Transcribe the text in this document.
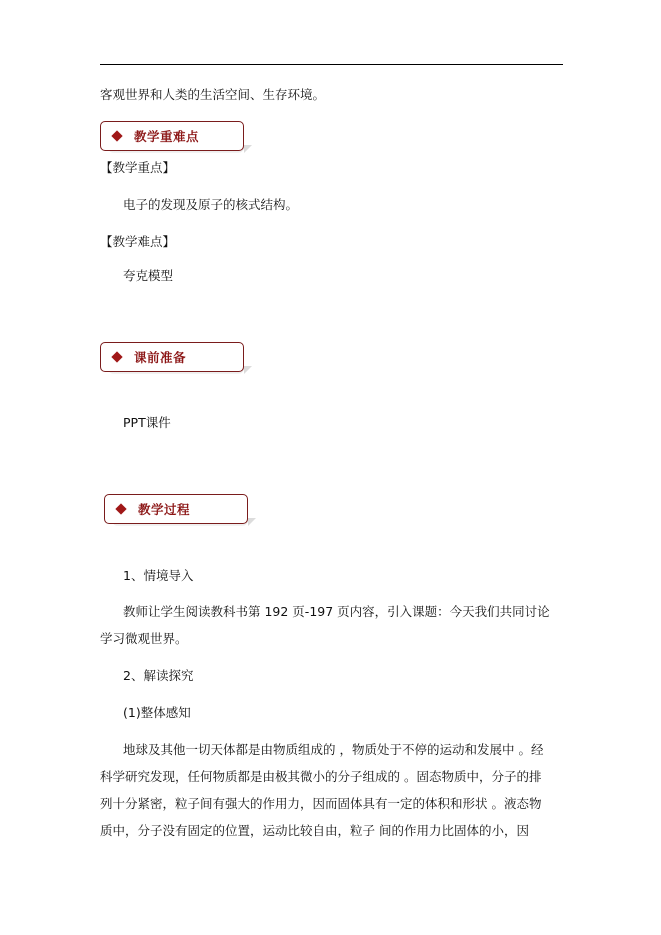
客观世界和人类的生活空间、生存环境。
教学重难点
【教学重点】
电子的发现及原子的核式结构。
【教学难点】
夸克模型
课前准备
PPT课件
教学过程
1、情境导入
教师让学生阅读教科书第 192 页-197 页内容，引入课题：今天我们共同讨论
学习微观世界。
2、解读探究
(1)整体感知
地球及其他一切天体都是由物质组成的 ，物质处于不停的运动和发展中 。经
科学研究发现，任何物质都是由极其微小的分子组成的 。固态物质中，分子的排
列十分紧密，粒子间有强大的作用力，因而固体具有一定的体积和形状 。液态物
质中，分子没有固定的位置，运动比较自由，粒子 间的作用力比固体的小，因
